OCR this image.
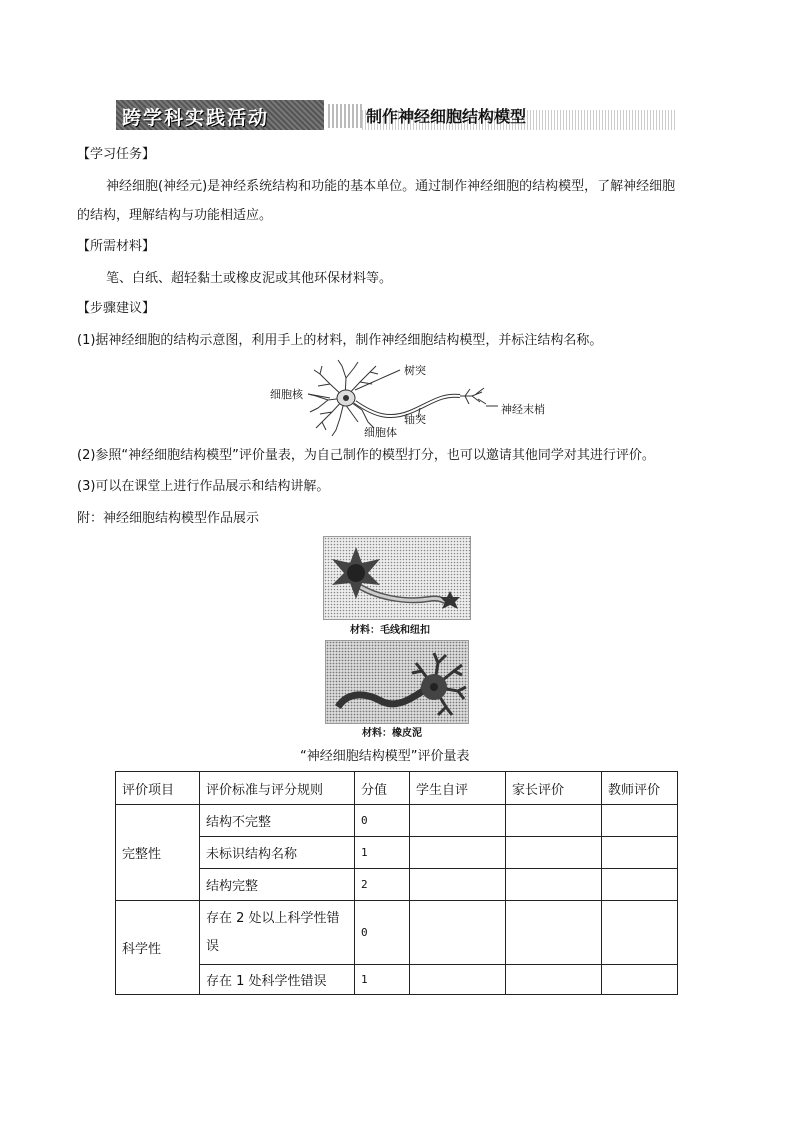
跨学科实践活动	制作神经细胞结构模型
【学习任务】
神经细胞(神经元)是神经系统结构和功能的基本单位。通过制作神经细胞的结构模型，了解神经细胞
的结构，理解结构与功能相适应。
【所需材料】
笔、白纸、超轻黏土或橡皮泥或其他环保材料等。
【步骤建议】
(1)据神经细胞的结构示意图，利用手上的材料，制作神经细胞结构模型，并标注结构名称。
树突
细胞核
轴突
神经末梢
细胞体
(2)参照“神经细胞结构模型”评价量表，为自己制作的模型打分，也可以邀请其他同学对其进行评价。
(3)可以在课堂上进行作品展示和结构讲解。
附：神经细胞结构模型作品展示
材料：毛线和纽扣
材料：橡皮泥
“神经细胞结构模型”评价量表
评价项目	评价标准与评分规则	分值	学生自评	家长评价	教师评价
完整性	结构不完整	0			
	未标识结构名称	1			
	结构完整	2			
科学性	存在 2 处以上科学性错误	0			
	存在 1 处科学性错误	1			
